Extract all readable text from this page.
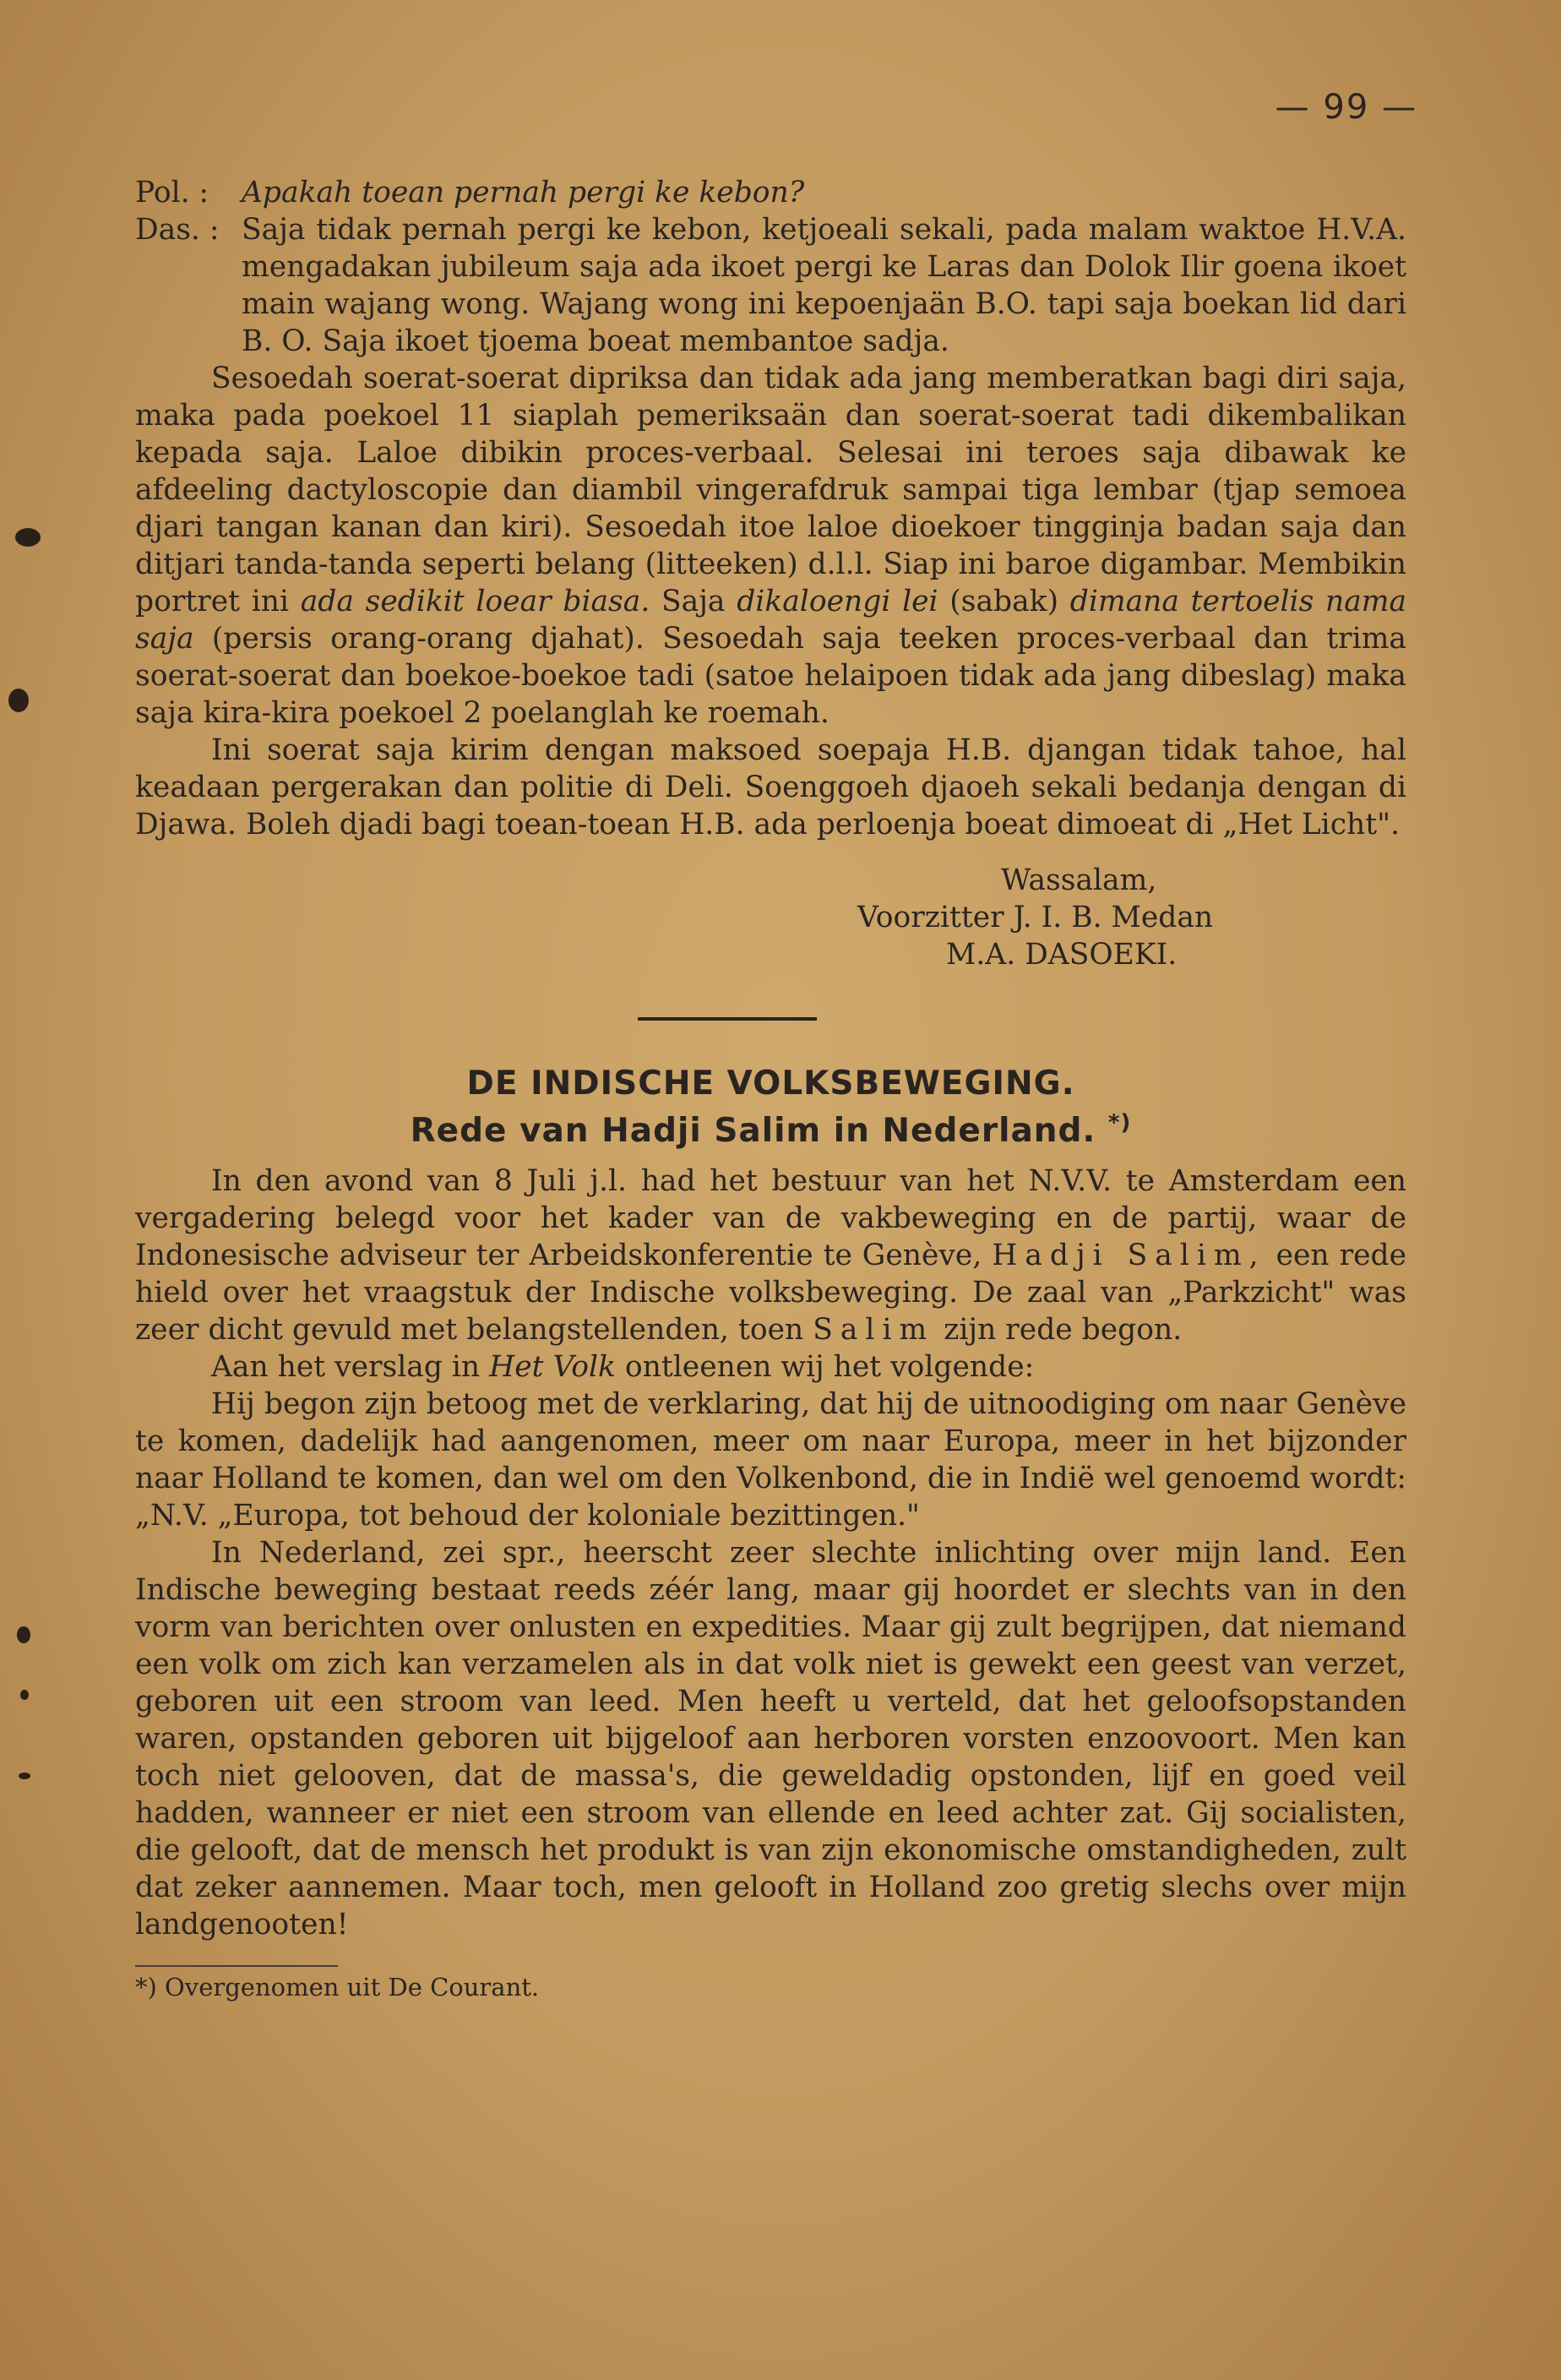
— 99 —
Pol. :	Apakah toean pernah pergi ke kebon?
Das. : Saja tidak pernah pergi ke kebon, ketjoeali sekali, pada malam waktoe H.V.A. mengadakan jubileum saja ada ikoet pergi ke Laras dan Dolok Ilir goena ikoet main wajang wong. Wajang wong ini kepoenjaän B.O. tapi saja boekan lid dari B. O. Saja ikoet tjoema boeat membantoe sadja.

Sesoedah soerat-soerat dipriksa dan tidak ada jang memberatkan bagi diri saja, maka pada poekoel 11 siaplah pemeriksaän dan soerat-soerat tadi dikembalikan kepada saja. Laloe dibikin proces-verbaal. Selesai ini teroes saja dibawak ke afdeeling dactyloscopie dan diambil vingerafdruk sampai tiga lembar (tjap semoea djari tangan kanan dan kiri). Sesoedah itoe laloe dioekoer tingginja badan saja dan ditjari tanda-tanda seperti belang (litteeken) d.l.l. Siap ini baroe digambar. Membikin portret ini ada sedikit loear biasa. Saja dikaloengi lei (sabak) dimana tertoelis nama saja (persis orang-orang djahat). Sesoedah saja teeken proces-verbaal dan trima soerat-soerat dan boekoe-boekoe tadi (satoe helaipoen tidak ada jang dibeslag) maka saja kira-kira poekoel 2 poelanglah ke roemah.

Ini soerat saja kirim dengan maksoed soepaja H.B. djangan tidak tahoe, hal keadaan pergerakan dan politie di Deli. Soenggoeh djaoeh sekali bedanja dengan di Djawa. Boleh djadi bagi toean-toean H.B. ada perloenja boeat dimoeat di „Het Licht".

Wassalam,
Voorzitter J. I. B. Medan
M.A. DASOEKI.
DE INDISCHE VOLKSBEWEGING.
Rede van Hadji Salim in Nederland. *)

In den avond van 8 Juli j.l. had het bestuur van het N.V.V. te Amsterdam een vergadering belegd voor het kader van de vakbeweging en de partij, waar de Indonesische adviseur ter Arbeidskonferentie te Genève, Hadji Salim, een rede hield over het vraagstuk der Indische volksbeweging. De zaal van „Parkzicht" was zeer dicht gevuld met belangstellenden, toen Salim zijn rede begon.

Aan het verslag in Het Volk ontleenen wij het volgende:

Hij begon zijn betoog met de verklaring, dat hij de uitnoodiging om naar Genève te komen, dadelijk had aangenomen, meer om naar Europa, meer in het bijzonder naar Holland te komen, dan wel om den Volkenbond, die in Indië wel genoemd wordt: „N.V. „Europa, tot behoud der koloniale bezittingen."

In Nederland, zei spr., heerscht zeer slechte inlichting over mijn land. Een Indische beweging bestaat reeds zéér lang, maar gij hoordet er slechts van in den vorm van berichten over onlusten en expedities. Maar gij zult begrijpen, dat niemand een volk om zich kan verzamelen als in dat volk niet is gewekt een geest van verzet, geboren uit een stroom van leed. Men heeft u verteld, dat het geloofsopstanden waren, opstanden geboren uit bijgeloof aan herboren vorsten enzoovoort. Men kan toch niet gelooven, dat de massa's, die geweldadig opstonden, lijf en goed veil hadden, wanneer er niet een stroom van ellende en leed achter zat. Gij socialisten, die gelooft, dat de mensch het produkt is van zijn ekonomische omstandigheden, zult dat zeker aannemen. Maar toch, men gelooft in Holland zoo gretig slechs over mijn landgenooten!

*) Overgenomen uit De Courant.
